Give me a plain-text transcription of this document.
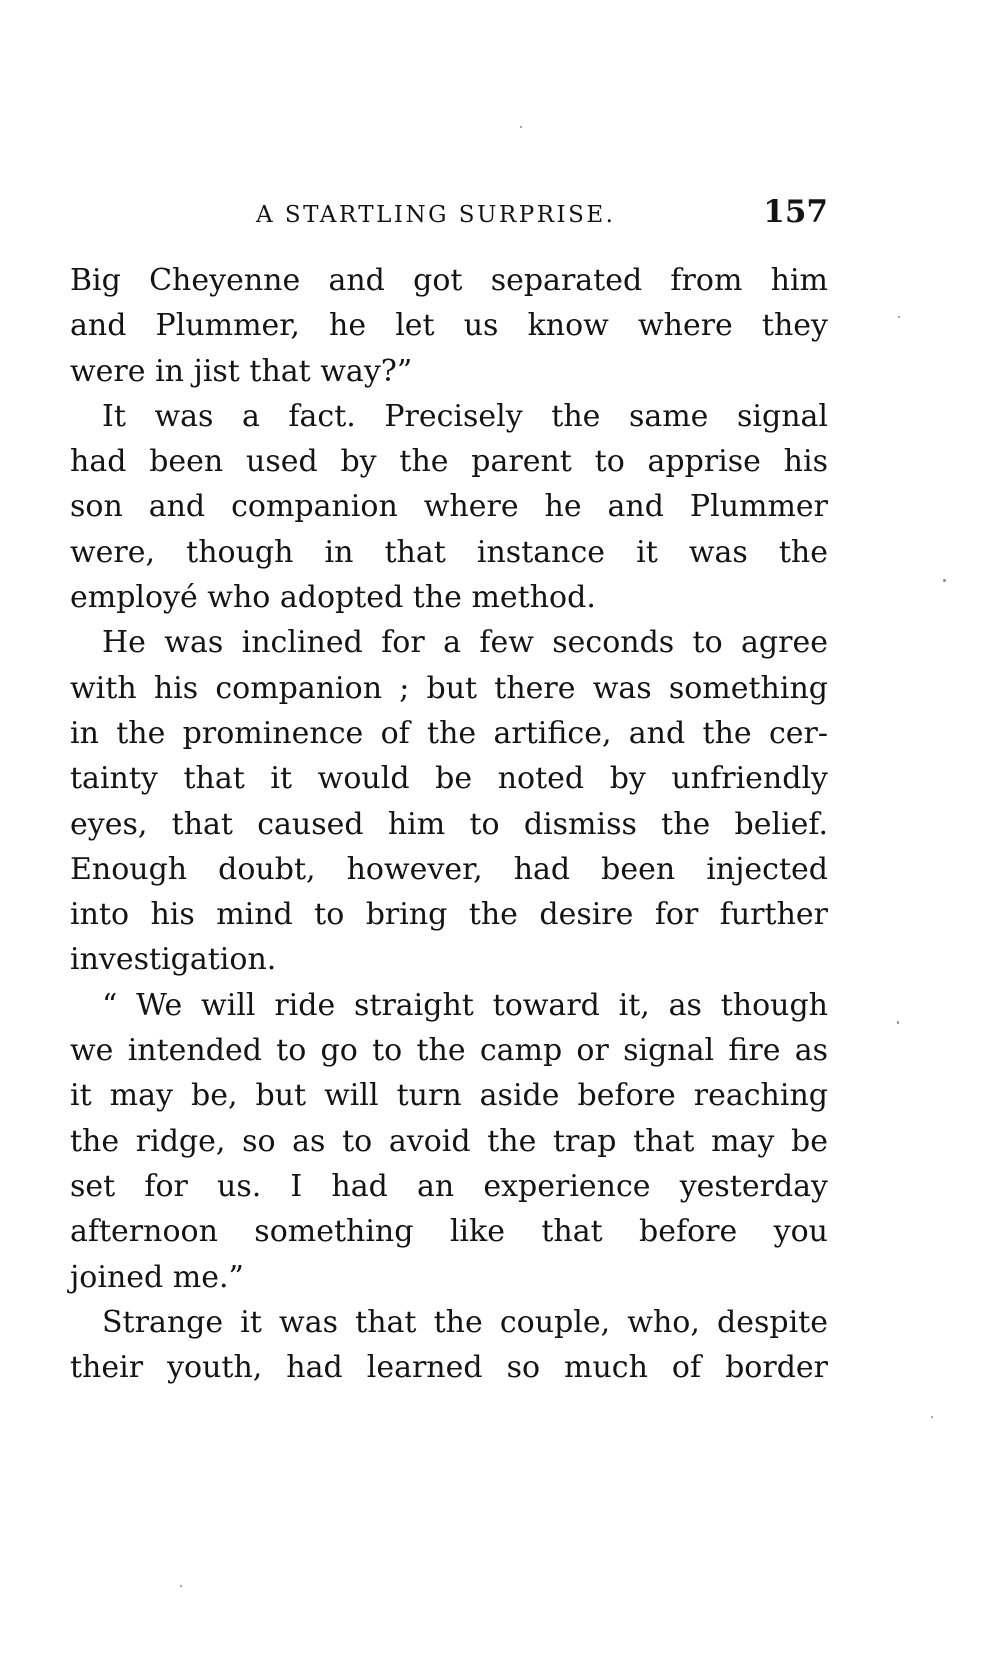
A STARTLING SURPRISE.	157
Big Cheyenne and got separated from him
and Plummer, he let us know where they
were in jist that way?”
It was a fact. Precisely the same signal
had been used by the parent to apprise his
son and companion where he and Plummer
were, though in that instance it was the
employé who adopted the method.
He was inclined for a few seconds to agree
with his companion ; but there was something
in the prominence of the artifice, and the cer-
tainty that it would be noted by unfriendly
eyes, that caused him to dismiss the belief.
Enough doubt, however, had been injected
into his mind to bring the desire for further
investigation.
“ We will ride straight toward it, as though
we intended to go to the camp or signal fire as
it may be, but will turn aside before reaching
the ridge, so as to avoid the trap that may be
set for us. I had an experience yesterday
afternoon something like that before you
joined me.”
Strange it was that the couple, who, despite
their youth, had learned so much of border
